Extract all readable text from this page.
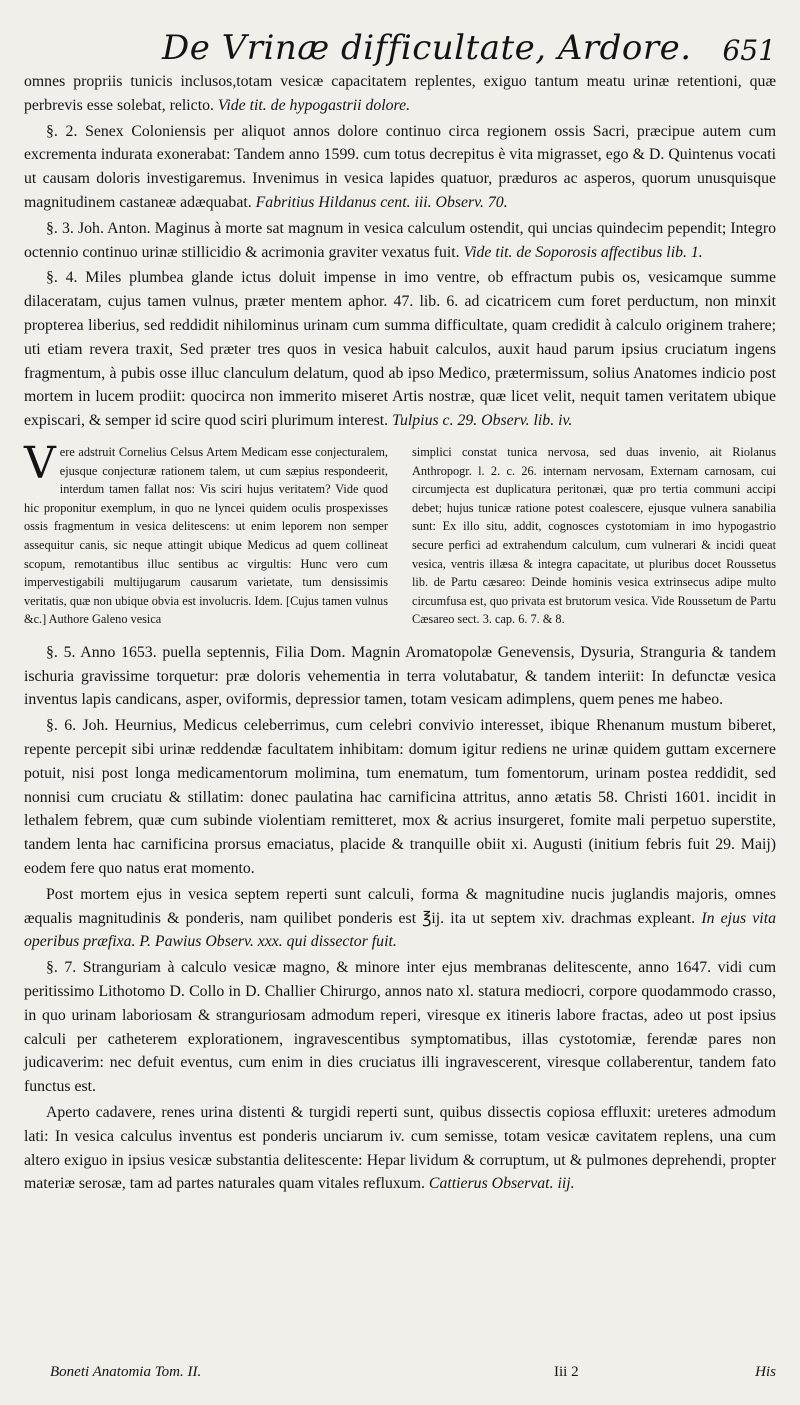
De Vrinæ difficultate, Ardore. 651

omnes propriis tunicis inclusos,totam vesicæ capacitatem replentes, exiguo tantum meatu urinæ retentioni, quæ perbrevis esse solebat, relicto. Vide tit. de hypogastrii dolore.

§. 2. Senex Coloniensis per aliquot annos dolore continuo circa regionem ossis Sacri, præcipue autem cum excrementa indurata exonerabat: Tandem anno 1599. cum totus decrepitus è vita migrasset, ego & D. Quintenus vocati ut causam doloris investigaremus. Invenimus in vesica lapides quatuor, præduros ac asperos, quorum unusquisque magnitudinem castaneæ adæquabat. Fabritius Hildanus cent. iii. Observ. 70.

§. 3. Joh. Anton. Maginus à morte sat magnum in vesica calculum ostendit, qui uncias quindecim pependit; Integro octennio continuo urinæ stillicidio & acrimonia graviter vexatus fuit. Vide tit. de Soporosis affectibus lib. 1.

§. 4. Miles plumbea glande ictus doluit impense in imo ventre, ob effractum pubis os, vesicamque summe dilaceratam, cujus tamen vulnus, præter mentem aphor. 47. lib. 6. ad cicatricem cum foret perductum, non minxit propterea liberius, sed reddidit nihilominus urinam cum summa difficultate, quam credidit à calculo originem trahere; uti etiam revera traxit, Sed præter tres quos in vesica habuit calculos, auxit haud parum ipsius cruciatum ingens fragmentum, à pubis osse illuc clanculum delatum, quod ab ipso Medico, prætermissum, solius Anatomes indicio post mortem in lucem prodiit: quocirca non immerito miseret Artis nostræ, quæ licet velit, nequit tamen veritatem ubique expiscari, & semper id scire quod sciri plurimum interest. Tulpius c. 29. Observ. lib. iv.

Vere adstruit Cornelius Celsus Artem Medicam esse conjecturalem, ejusque conjecturæ rationem talem, ut cum sæpius respondeerit, interdum tamen fallat nos: Vis sciri hujus veritatem? Vide quod hic proponitur exemplum, in quo ne lyncei quidem oculis prospexisses ossis fragmentum in vesica delitescens: ut enim leporem non semper assequitur canis, sic neque attingit ubique Medicus ad quem collineat scopum, remotantibus illuc sentibus ac virgultis: Hunc vero cum impervestigabili multijugarum causarum varietate, tum densissimis veritatis, quæ non ubique obvia est involucris. Idem. [Cujus tamen vulnus &c.] Authore Galeno vesica
simplici constat tunica nervosa, sed duas invenio, ait Riolanus Anthropogr. l. 2. c. 26. internam nervosam, Externam carnosam, cui circumjecta est duplicatura peritonæi, quæ pro tertia communi accipi debet; hujus tunicæ ratione potest coalescere, ejusque vulnera sanabilia sunt: Ex illo situ, addit, cognosces cystotomiam in imo hypogastrio secure perfici ad extrahendum calculum, cum vulnerari & incidi queat vesica, ventris illæsa & integra capacitate, ut pluribus docet Roussetus lib. de Partu cæsareo: Deinde hominis vesica extrinsecus adipe multo circumfusa est, quo privata est brutorum vesica. Vide Roussetum de Partu Cæsareo sect. 3. cap. 6. 7. & 8.

§. 5. Anno 1653. puella septennis, Filia Dom. Magnin Aromatopolæ Genevensis, Dysuria, Stranguria & tandem ischuria gravissime torquetur: præ doloris vehementia in terra volutabatur, & tandem interiit: In defunctæ vesica inventus lapis candicans, asper, oviformis, depressior tamen, totam vesicam adimplens, quem penes me habeo.

§. 6. Joh. Heurnius, Medicus celeberrimus, cum celebri convivio interesset, ibique Rhenanum mustum biberet, repente percepit sibi urinæ reddendæ facultatem inhibitam: domum igitur rediens ne urinæ quidem guttam excernere potuit, nisi post longa medicamentorum molimina, tum enematum, tum fomentorum, urinam postea reddidit, sed nonnisi cum cruciatu & stillatim: donec paulatina hac carnificina attritus, anno ætatis 58. Christi 1601. incidit in lethalem febrem, quæ cum subinde violentiam remitteret, mox & acrius insurgeret, fomite mali perpetuo superstite, tandem lenta hac carnificina prorsus emaciatus, placide & tranquille obiit xi. Augusti (initium febris fuit 29. Maij) eodem fere quo natus erat momento.

Post mortem ejus in vesica septem reperti sunt calculi, forma & magnitudine nucis juglandis majoris, omnes æqualis magnitudinis & ponderis, nam quilibet ponderis est ℥ij. ita ut septem xiv. drachmas expleant. In ejus vita operibus præfixa. P. Pawius Observ. xxx. qui dissector fuit.

§. 7. Stranguriam à calculo vesicæ magno, & minore inter ejus membranas delitescente, anno 1647. vidi cum peritissimo Lithotomo D. Collo in D. Challier Chirurgo, annos nato xl. statura mediocri, corpore quodammodo crasso, in quo urinam laboriosam & stranguriosam admodum reperi, viresque ex itineris labore fractas, adeo ut post ipsius calculi per catheterem explorationem, ingravescentibus symptomatibus, illas cystotomiæ, ferendæ pares non judicaverim: nec defuit eventus, cum enim in dies cruciatus illi ingravescerent, viresque collaberentur, tandem fato functus est.

Aperto cadavere, renes urina distenti & turgidi reperti sunt, quibus dissectis copiosa effluxit: ureteres admodum lati: In vesica calculus inventus est ponderis unciarum iv. cum semisse, totam vesicæ cavitatem replens, una cum altero exiguo in ipsius vesicæ substantia delitescente: Hepar lividum & corruptum, ut & pulmones deprehendi, propter materiæ serosæ, tam ad partes naturales quam vitales refluxum. Cattierus Observat. iij.

Boneti Anatomia Tom. II.	Iii 2	His
